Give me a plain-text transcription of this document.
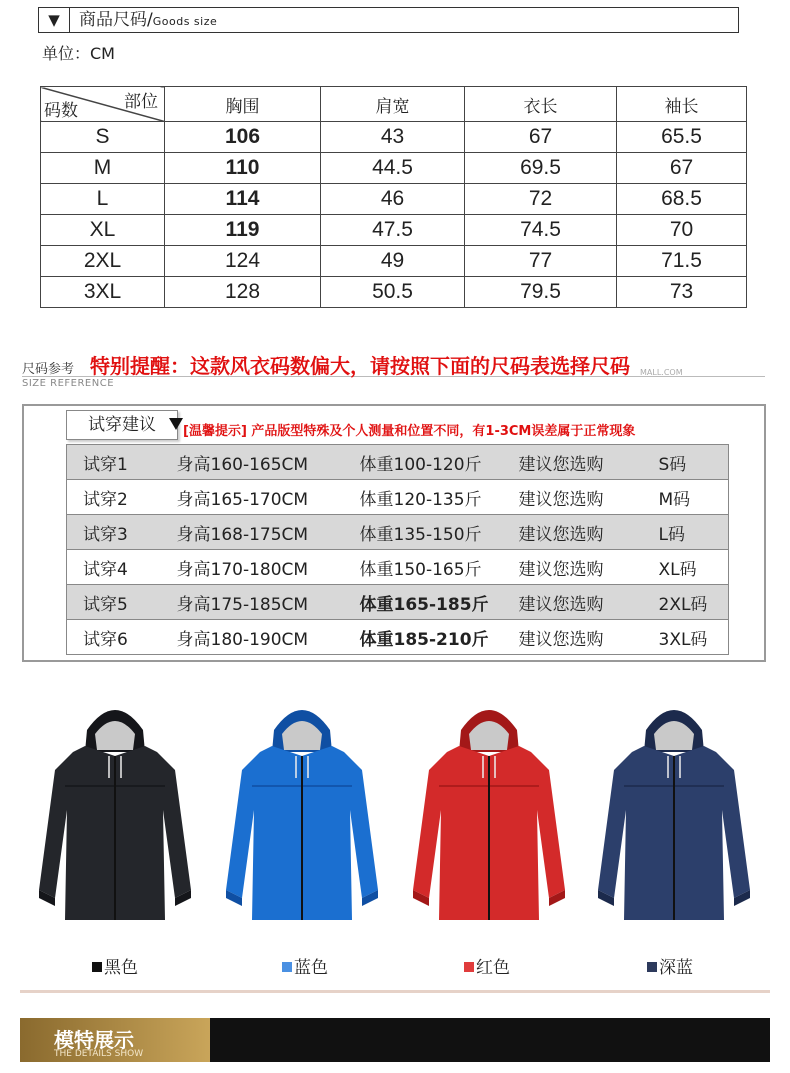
▼	商品尺码/Goods size
单位：CM
部位
码数	胸围	肩宽	衣长	袖长
S	106	43	67	65.5
M	110	44.5	69.5	67
L	114	46	72	68.5
XL	119	47.5	74.5	70
2XL	124	49	77	71.5
3XL	128	50.5	79.5	73
尺码参考
SIZE REFERENCE
特别提醒：这款风衣码数偏大，请按照下面的尺码表选择尺码 MALL.COM
试穿建议	[温馨提示] 产品版型特殊及个人测量和位置不同，有1-3CM误差属于正常现象
试穿1	身高160-165CM	体重100-120斤	建议您选购	S码
试穿2	身高165-170CM	体重120-135斤	建议您选购	M码
试穿3	身高168-175CM	体重135-150斤	建议您选购	L码
试穿4	身高170-180CM	体重150-165斤	建议您选购	XL码
试穿5	身高175-185CM	体重165-185斤	建议您选购	2XL码
试穿6	身高180-190CM	体重185-210斤	建议您选购	3XL码
黑色	蓝色	红色	深蓝
模特展示
THE DETAILS SHOW
